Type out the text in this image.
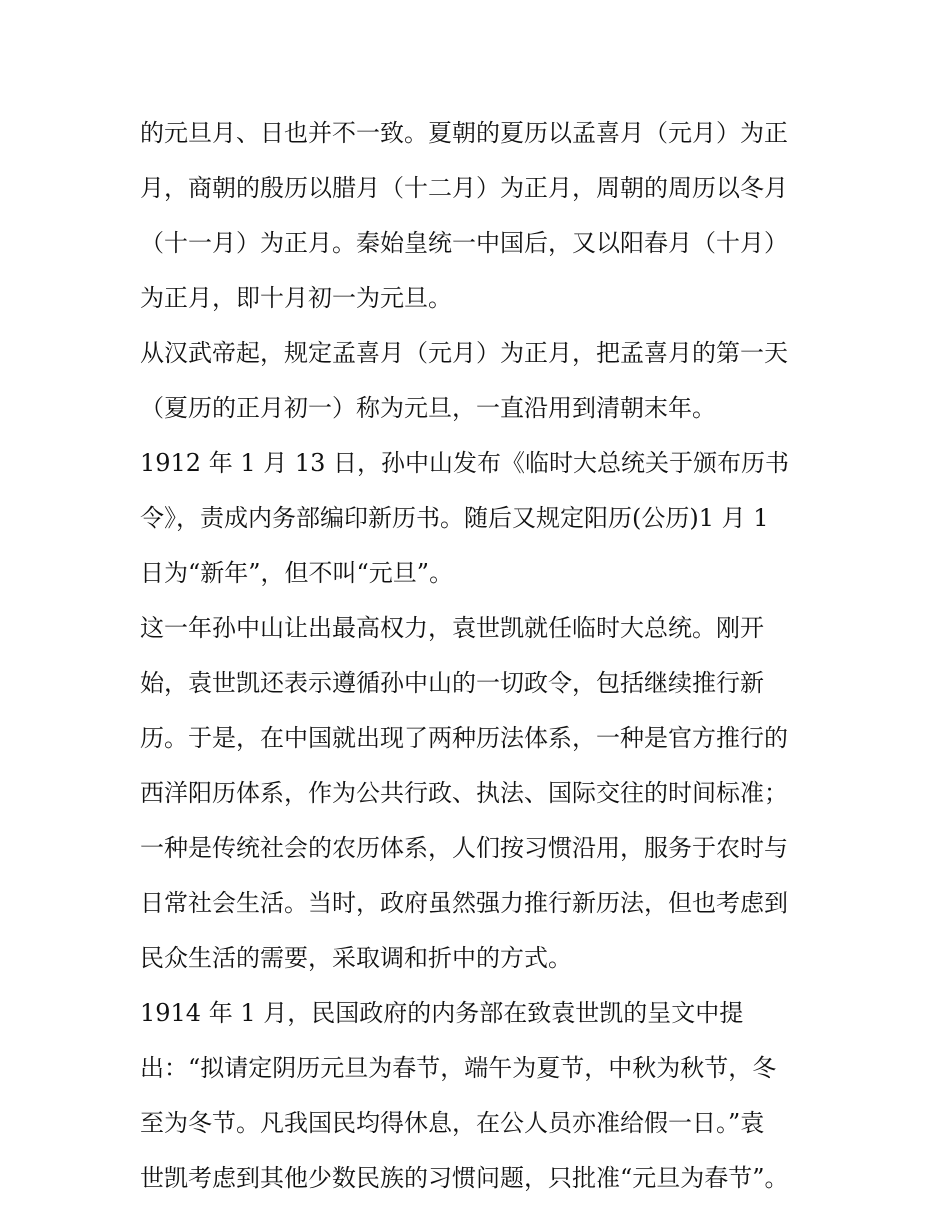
的元旦月、日也并不一致。夏朝的夏历以孟喜月（元月）为正
月，商朝的殷历以腊月（十二月）为正月，周朝的周历以冬月
（十一月）为正月。秦始皇统一中国后，又以阳春月（十月）
为正月，即十月初一为元旦。
从汉武帝起，规定孟喜月（元月）为正月，把孟喜月的第一天
（夏历的正月初一）称为元旦，一直沿用到清朝末年。
1912 年 1 月 13 日，孙中山发布《临时大总统关于颁布历书
令》，责成内务部编印新历书。随后又规定阳历(公历)1 月 1
日为“新年”，但不叫“元旦”。
这一年孙中山让出最高权力，袁世凯就任临时大总统。刚开
始，袁世凯还表示遵循孙中山的一切政令，包括继续推行新
历。于是，在中国就出现了两种历法体系，一种是官方推行的
西洋阳历体系，作为公共行政、执法、国际交往的时间标准；
一种是传统社会的农历体系，人们按习惯沿用，服务于农时与
日常社会生活。当时，政府虽然强力推行新历法，但也考虑到
民众生活的需要，采取调和折中的方式。
1914 年 1 月，民国政府的内务部在致袁世凯的呈文中提
出：“拟请定阴历元旦为春节，端午为夏节，中秋为秋节，冬
至为冬节。凡我国民均得休息，在公人员亦准给假一日。”袁
世凯考虑到其他少数民族的习惯问题，只批准“元旦为春节”。
